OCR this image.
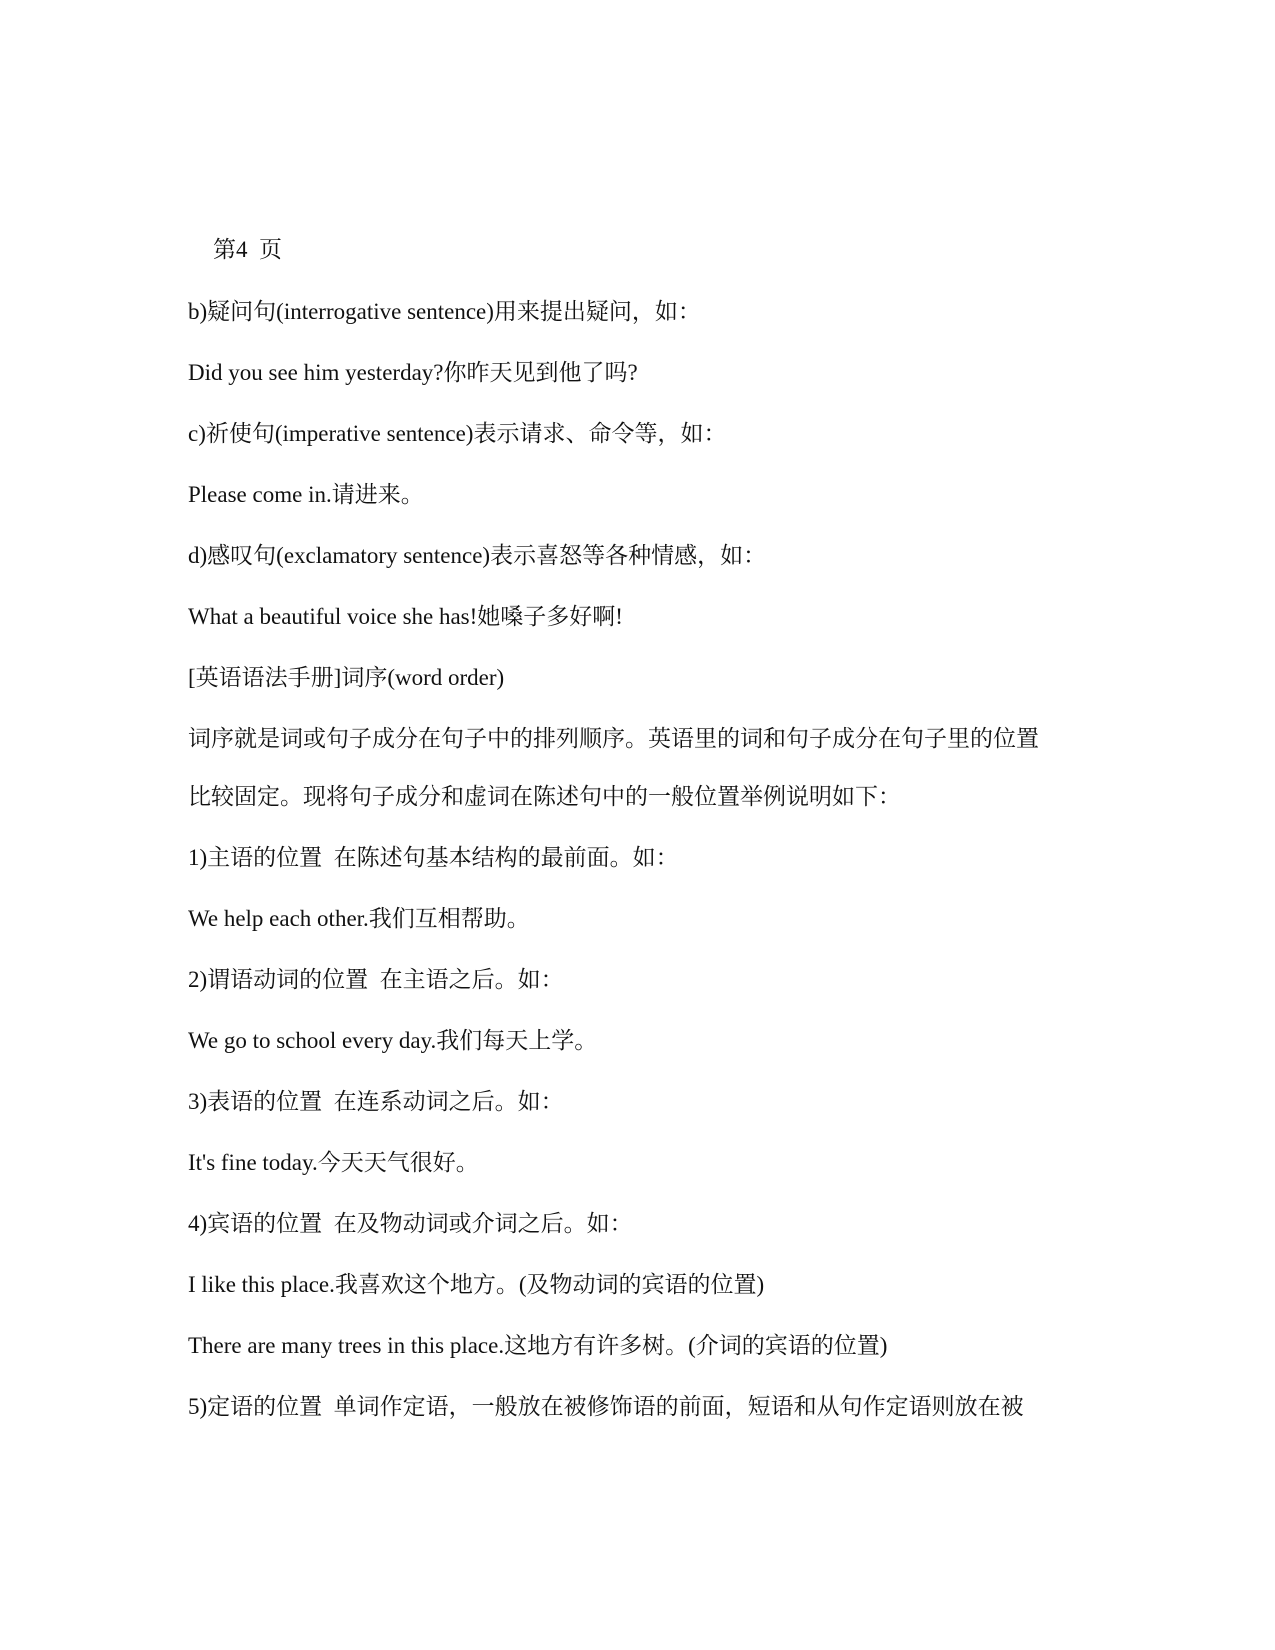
第4  页

b)疑问句(interrogative sentence)用来提出疑问，如：

Did you see him yesterday?你昨天见到他了吗?

c)祈使句(imperative sentence)表示请求、命令等，如：

Please come in.请进来。

d)感叹句(exclamatory sentence)表示喜怒等各种情感，如：

What a beautiful voice she has!她嗓子多好啊!

[英语语法手册]词序(word order)

词序就是词或句子成分在句子中的排列顺序。英语里的词和句子成分在句子里的位置

比较固定。现将句子成分和虚词在陈述句中的一般位置举例说明如下：

1)主语的位置  在陈述句基本结构的最前面。如：

We help each other.我们互相帮助。

2)谓语动词的位置  在主语之后。如：

We go to school every day.我们每天上学。

3)表语的位置  在连系动词之后。如：

It's fine today.今天天气很好。

4)宾语的位置  在及物动词或介词之后。如：

I like this place.我喜欢这个地方。(及物动词的宾语的位置)

There are many trees in this place.这地方有许多树。(介词的宾语的位置)

5)定语的位置  单词作定语，一般放在被修饰语的前面，短语和从句作定语则放在被
